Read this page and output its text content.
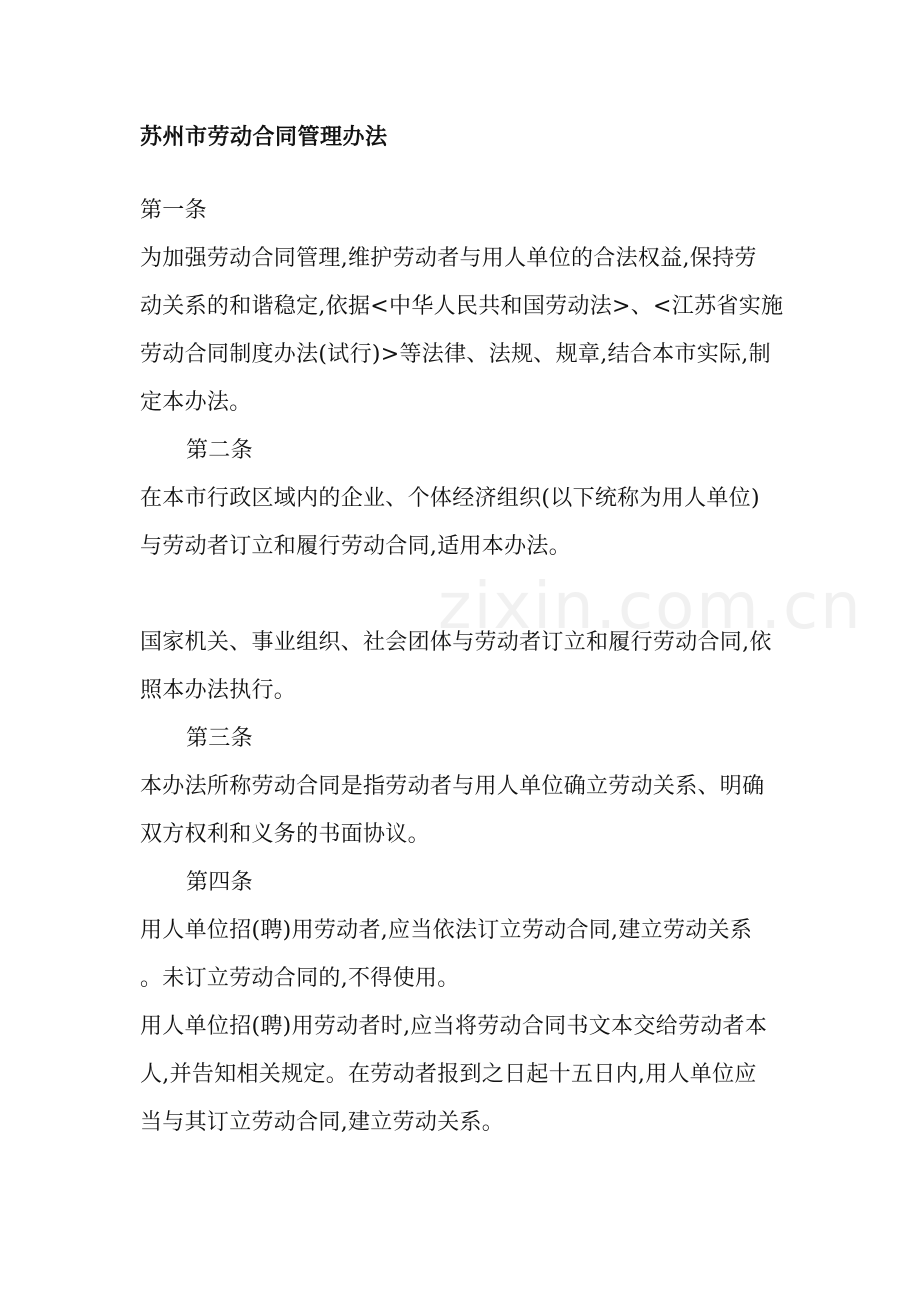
zixin.com.cn
苏州市劳动合同管理办法
第一条
为加强劳动合同管理,维护劳动者与用人单位的合法权益,保持劳
动关系的和谐稳定,依据<中华人民共和国劳动法>、<江苏省实施
劳动合同制度办法(试行)>等法律、法规、规章,结合本市实际,制
定本办法。
第二条
在本市行政区域内的企业、个体经济组织(以下统称为用人单位)
与劳动者订立和履行劳动合同,适用本办法。
国家机关、事业组织、社会团体与劳动者订立和履行劳动合同,依
照本办法执行。
第三条
本办法所称劳动合同是指劳动者与用人单位确立劳动关系、明确
双方权利和义务的书面协议。
第四条
用人单位招(聘)用劳动者,应当依法订立劳动合同,建立劳动关系
。未订立劳动合同的,不得使用。
用人单位招(聘)用劳动者时,应当将劳动合同书文本交给劳动者本
人,并告知相关规定。在劳动者报到之日起十五日内,用人单位应
当与其订立劳动合同,建立劳动关系。
